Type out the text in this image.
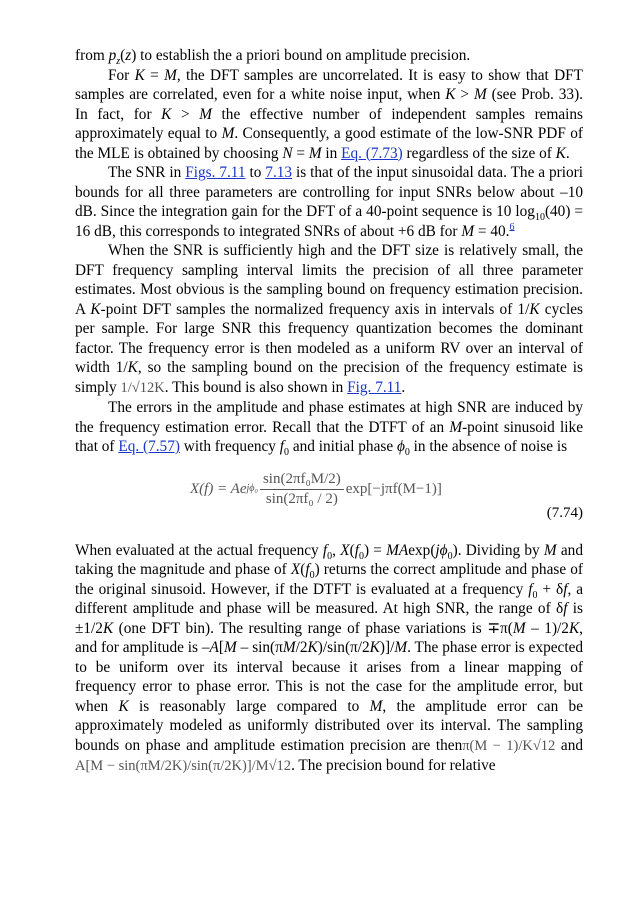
from $p_z(z)$ to establish the a priori bound on amplitude precision.

For K = M, the DFT samples are uncorrelated. It is easy to show that DFT samples are correlated, even for a white noise input, when K > M (see Prob. 33). In fact, for K > M the effective number of independent samples remains approximately equal to M. Consequently, a good estimate of the low-SNR PDF of the MLE is obtained by choosing N = M in Eq. (7.73) regardless of the size of K.

The SNR in Figs. 7.11 to 7.13 is that of the input sinusoidal data. The a priori bounds for all three parameters are controlling for input SNRs below about –10 dB. Since the integration gain for the DFT of a 40-point sequence is 10 $\log_{10}(40) = 16$ dB, this corresponds to integrated SNRs of about +6 dB for M = 40.$^6$

When the SNR is sufficiently high and the DFT size is relatively small, the DFT frequency sampling interval limits the precision of all three parameter estimates. Most obvious is the sampling bound on frequency estimation precision. A K-point DFT samples the normalized frequency axis in intervals of 1/K cycles per sample. For large SNR this frequency quantization becomes the dominant factor. The frequency error is then modeled as a uniform RV over an interval of width 1/K, so the sampling bound on the precision of the frequency estimate is simply 1/√12K. This bound is also shown in Fig. 7.11.

The errors in the amplitude and phase estimates at high SNR are induced by the frequency estimation error. Recall that the DTFT of an M-point sinusoid like that of Eq. (7.57) with frequency $f_0$ and initial phase $\phi_0$ in the absence of noise is

X(f) = Ae $j\phi_0 \frac{\text{sin(2πf₀M/2)}}{\text{sin(2πf₀ / 2)}} \exp[-j\pi f(M-1)]$
(7.74)

When evaluated at the actual frequency $f_0$, $X(f_0) = MAexp(j\phi_0)$. Dividing by M and taking the magnitude and phase of $X(f_0)$ returns the correct amplitude and phase of the original sinusoid. However, if the DTFT is evaluated at a frequency $f_0 + \delta f$, a different amplitude and phase will be measured. At high SNR, the range of δf is ±1/2K (one DFT bin). The resulting range of phase variations is ∓π(M – 1)/2K, and for amplitude is –A[M – sin(πM/2K)/sin(π/2K)]/M. The phase error is expected to be uniform over its interval because it arises from a linear mapping of frequency error to phase error. This is not the case for the amplitude error, but when K is reasonably large compared to M, the amplitude error can be approximately modeled as uniformly distributed over its interval. The sampling bounds on phase and amplitude estimation precision are thenπ(M − 1)/K√12 and A[M − sin(πM/2K)/sin(π/2K)]/M√12. The precision bound for relative
